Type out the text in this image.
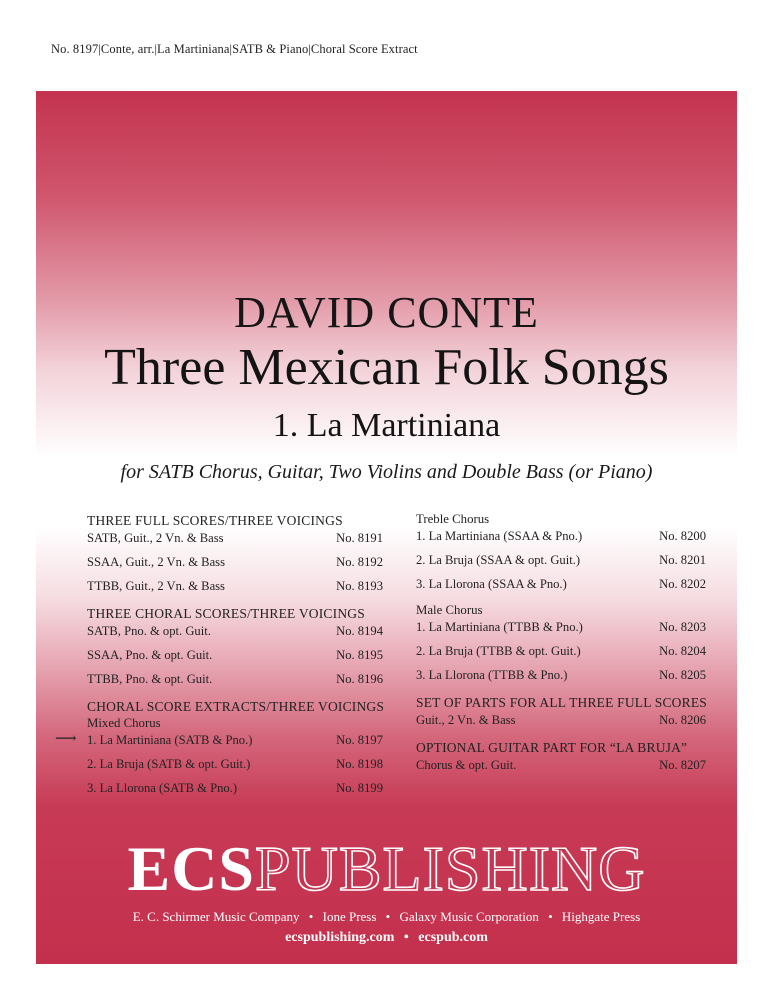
No. 8197|Conte, arr.|La Martiniana|SATB & Piano|Choral Score Extract
DAVID CONTE
Three Mexican Folk Songs
1. La Martiniana
for SATB Chorus, Guitar, Two Violins and Double Bass (or Piano)
THREE FULL SCORES/THREE VOICINGS
SATB, Guit., 2 Vn. & Bass	No. 8191
SSAA, Guit., 2 Vn. & Bass	No. 8192
TTBB, Guit., 2 Vn. & Bass	No. 8193
THREE CHORAL SCORES/THREE VOICINGS
SATB, Pno. & opt. Guit.	No. 8194
SSAA, Pno. & opt. Guit.	No. 8195
TTBB, Pno. & opt. Guit.	No. 8196
CHORAL SCORE EXTRACTS/THREE VOICINGS
Mixed Chorus
⟶ 1. La Martiniana (SATB & Pno.)	No. 8197
2. La Bruja (SATB & opt. Guit.)	No. 8198
3. La Llorona (SATB & Pno.)	No. 8199
Treble Chorus
1. La Martiniana (SSAA & Pno.)	No. 8200
2. La Bruja (SSAA & opt. Guit.)	No. 8201
3. La Llorona (SSAA & Pno.)	No. 8202
Male Chorus
1. La Martiniana (TTBB & Pno.)	No. 8203
2. La Bruja (TTBB & opt. Guit.)	No. 8204
3. La Llorona (TTBB & Pno.)	No. 8205
SET OF PARTS FOR ALL THREE FULL SCORES
Guit., 2 Vn. & Bass	No. 8206
OPTIONAL GUITAR PART FOR “LA BRUJA”
Chorus & opt. Guit.	No. 8207
ECSPUBLISHING
E. C. Schirmer Music Company • Ione Press • Galaxy Music Corporation • Highgate Press
ecspublishing.com • ecspub.com
